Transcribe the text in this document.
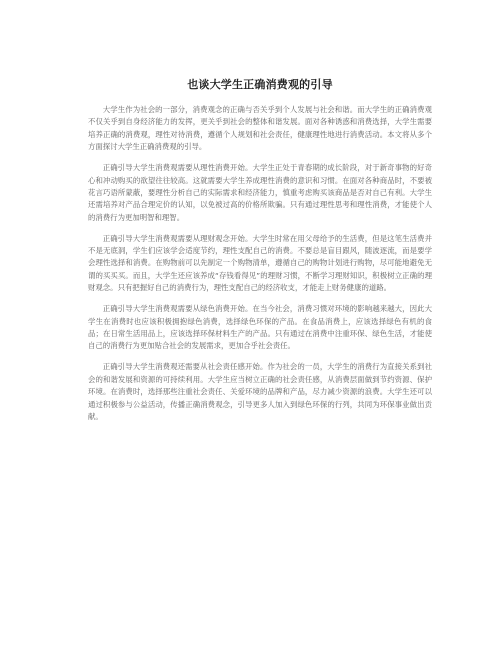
也谈大学生正确消费观的引导

大学生作为社会的一部分，消费观念的正确与否关乎到个人发展与社会和谐。而大学生的正确消费观不仅关乎到自身经济能力的发挥，更关乎到社会的整体和谐发展。面对各种诱惑和消费选择，大学生需要培养正确的消费观，理性对待消费，遵循个人规划和社会责任，健康理性地进行消费活动。本文将从多个方面探讨大学生正确消费观的引导。

正确引导大学生消费观需要从理性消费开始。大学生正处于青春期的成长阶段，对于新奇事物的好奇心和冲动购买的欲望往往较高。这就需要大学生养成理性消费的意识和习惯。在面对各种商品时，不要被花言巧语所蒙蔽，要理性分析自己的实际需求和经济能力，慎重考虑购买该商品是否对自己有利。大学生还需培养对产品合理定价的认知，以免被过高的价格所欺骗。只有通过理性思考和理性消费，才能使个人的消费行为更加明智和理智。

正确引导大学生消费观需要从理财观念开始。大学生时常在用父母给予的生活费，但是这笔生活费并不是无底洞，学生们应该学会适度节约，理性支配自己的消费。不要总是盲目跟风，随波逐流，而是要学会理性选择和消费。在购物前可以先制定一个购物清单，遵循自己的购物计划进行购物，尽可能地避免无谓的买买买。而且，大学生还应该养成“存钱看得见”的理财习惯，不断学习理财知识，积极树立正确的理财观念。只有把握好自己的消费行为，理性支配自己的经济收支，才能走上财务健康的道路。

正确引导大学生消费观需要从绿色消费开始。在当今社会，消费习惯对环境的影响越来越大，因此大学生在消费时也应该积极拥抱绿色消费，选择绿色环保的产品。在食品消费上，应该选择绿色有机的食品；在日常生活用品上，应该选择环保材料生产的产品。只有通过在消费中注重环保、绿色生活，才能使自己的消费行为更加贴合社会的发展需求，更加合乎社会责任。

正确引导大学生消费观还需要从社会责任感开始。作为社会的一员，大学生的消费行为直接关系到社会的和谐发展和资源的可持续利用。大学生应当树立正确的社会责任感，从消费层面做到节约资源、保护环境。在消费时，选择那些注重社会责任、关爱环境的品牌和产品，尽力减少资源的浪费。大学生还可以通过积极参与公益活动，传播正确消费观念，引导更多人加入到绿色环保的行列，共同为环保事业做出贡献。
